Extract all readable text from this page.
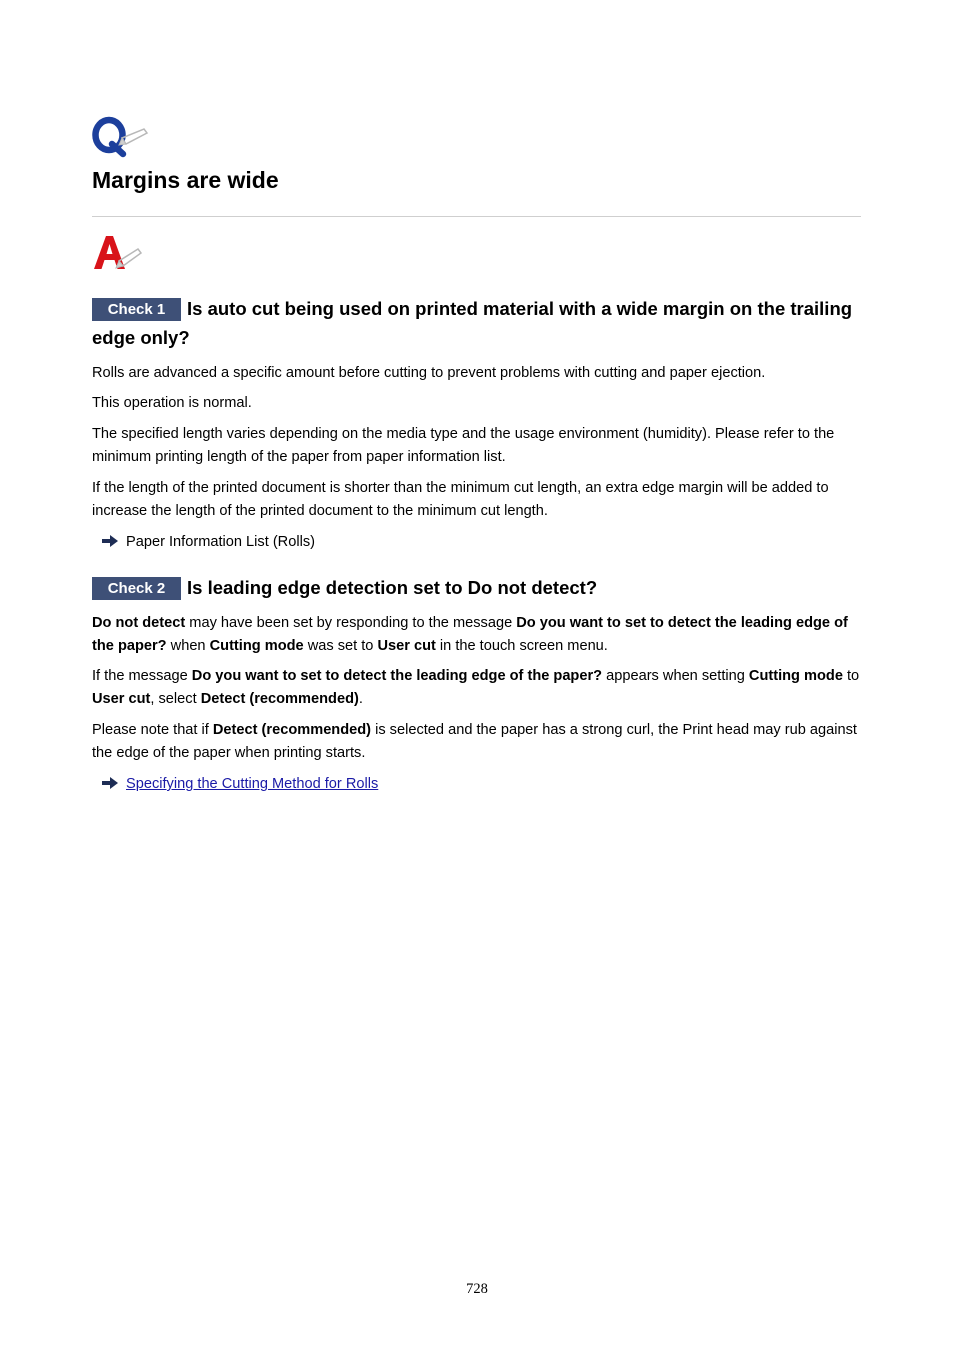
Margins are wide
Check 1 Is auto cut being used on printed material with a wide margin on the trailing edge only?

Rolls are advanced a specific amount before cutting to prevent problems with cutting and paper ejection.

This operation is normal.

The specified length varies depending on the media type and the usage environment (humidity). Please refer to the minimum printing length of the paper from paper information list.

If the length of the printed document is shorter than the minimum cut length, an extra edge margin will be added to increase the length of the printed document to the minimum cut length.

Paper Information List (Rolls)
Check 2 Is leading edge detection set to Do not detect?

Do not detect may have been set by responding to the message Do you want to set to detect the leading edge of the paper? when Cutting mode was set to User cut in the touch screen menu.

If the message Do you want to set to detect the leading edge of the paper? appears when setting Cutting mode to User cut, select Detect (recommended).

Please note that if Detect (recommended) is selected and the paper has a strong curl, the Print head may rub against the edge of the paper when printing starts.

Specifying the Cutting Method for Rolls
728
